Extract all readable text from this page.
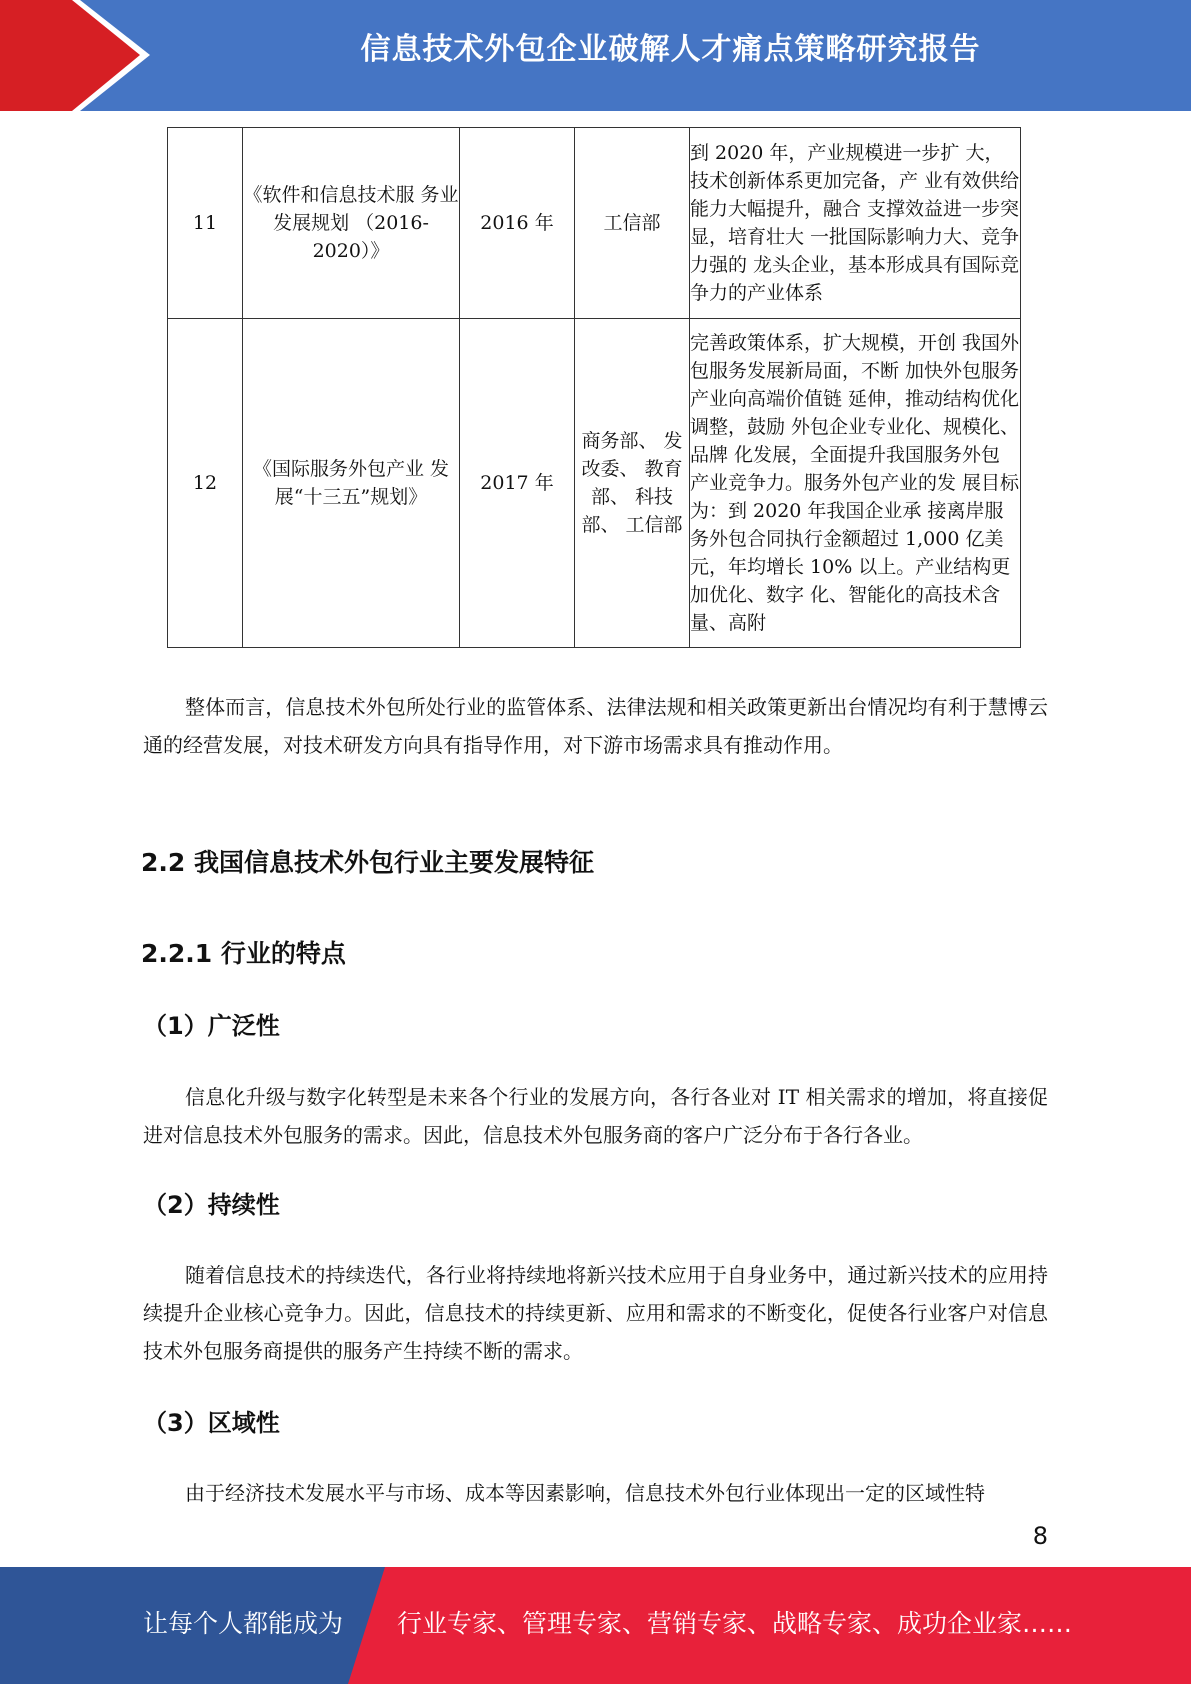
信息技术外包企业破解人才痛点策略研究报告
11	《软件和信息技术服 务业发展规划 （2016-2020）》	2016 年	工信部	到 2020 年，产业规模进一步扩 大，技术创新体系更加完备，产 业有效供给能力大幅提升，融合 支撑效益进一步突显，培育壮大 一批国际影响力大、竞争力强的 龙头企业，基本形成具有国际竞 争力的产业体系
12	《国际服务外包产业 发展“十三五”规划》	2017 年	商务部、 发改委、 教育部、 科技部、 工信部	完善政策体系，扩大规模，开创 我国外包服务发展新局面，不断 加快外包服务产业向高端价值链 延伸，推动结构优化调整，鼓励 外包企业专业化、规模化、品牌 化发展，全面提升我国服务外包 产业竞争力。服务外包产业的发 展目标为：到 2020 年我国企业承 接离岸服务外包合同执行金额超过 1,000 亿美元，年均增长 10% 以上。产业结构更加优化、数字 化、智能化的高技术含量、高附
整体而言，信息技术外包所处行业的监管体系、法律法规和相关政策更新出台情况均有利于慧博云通的经营发展，对技术研发方向具有指导作用，对下游市场需求具有推动作用。
2.2 我国信息技术外包行业主要发展特征
2.2.1 行业的特点
（1）广泛性
信息化升级与数字化转型是未来各个行业的发展方向，各行各业对 IT 相关需求的增加，将直接促进对信息技术外包服务的需求。因此，信息技术外包服务商的客户广泛分布于各行各业。
（2）持续性
随着信息技术的持续迭代，各行业将持续地将新兴技术应用于自身业务中，通过新兴技术的应用持续提升企业核心竞争力。因此，信息技术的持续更新、应用和需求的不断变化，促使各行业客户对信息技术外包服务商提供的服务产生持续不断的需求。
（3）区域性
由于经济技术发展水平与市场、成本等因素影响，信息技术外包行业体现出一定的区域性特
8
让每个人都能成为 行业专家、管理专家、营销专家、战略专家、成功企业家……
